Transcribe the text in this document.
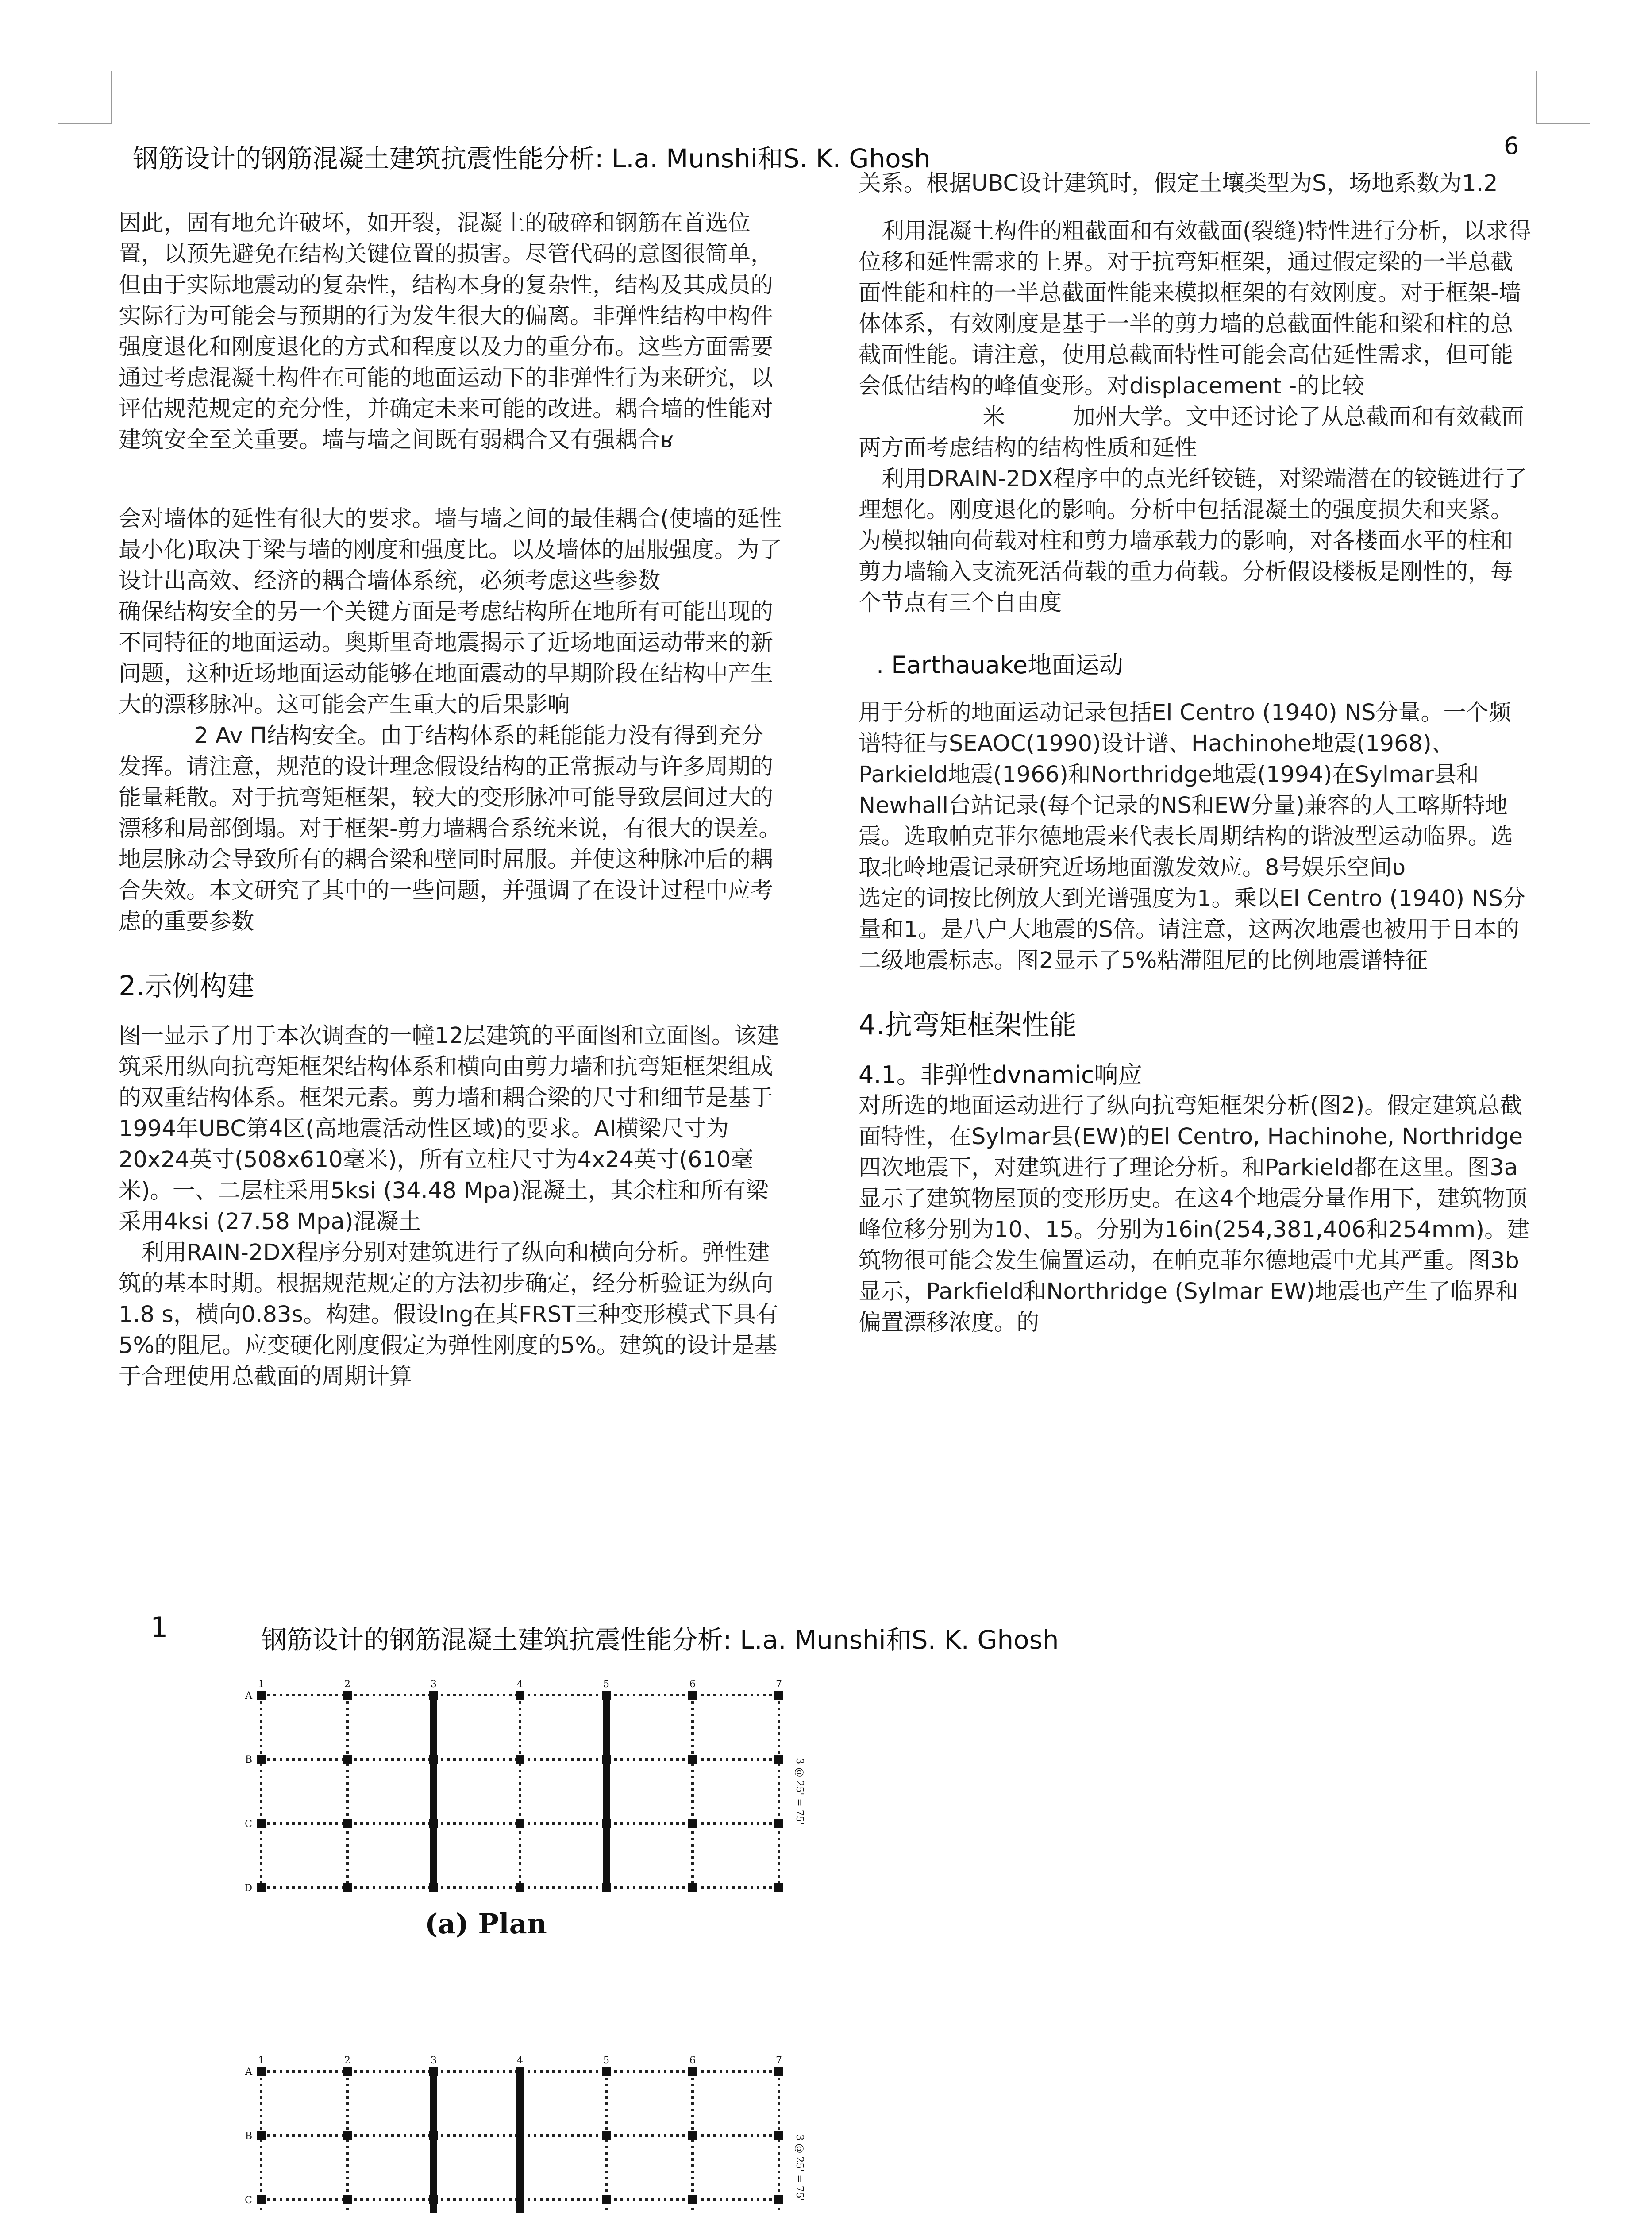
钢筋设计的钢筋混凝土建筑抗震性能分析: L.a. Munshi和S. K. Ghosh	6

因此，固有地允许破坏，如开裂，混凝土的破碎和钢筋在首选位置，以预先避免在结构关键位置的损害。尽管代码的意图很简单，但由于实际地震动的复杂性，结构本身的复杂性，结构及其成员的实际行为可能会与预期的行为发生很大的偏离。非弹性结构中构件强度退化和刚度退化的方式和程度以及力的重分布。这些方面需要通过考虑混凝土构件在可能的地面运动下的非弹性行为来研究，以评估规范规定的充分性，并确定未来可能的改进。耦合墙的性能对建筑安全至关重要。墙与墙之间既有弱耦合又有强耦合ʁ

会对墙体的延性有很大的要求。墙与墙之间的最佳耦合(使墙的延性最小化)取决于梁与墙的刚度和强度比。以及墙体的屈服强度。为了设计出高效、经济的耦合墙体系统，必须考虑这些参数

确保结构安全的另一个关键方面是考虑结构所在地所有可能出现的不同特征的地面运动。奥斯里奇地震揭示了近场地面运动带来的新问题，这种近场地面运动能够在地面震动的早期阶段在结构中产生大的漂移脉冲。这可能会产生重大的后果影响

2 Av Π结构安全。由于结构体系的耗能能力没有得到充分发挥。请注意，规范的设计理念假设结构的正常振动与许多周期的能量耗散。对于抗弯矩框架，较大的变形脉冲可能导致层间过大的漂移和局部倒塌。对于框架-剪力墙耦合系统来说，有很大的误差。地层脉动会导致所有的耦合梁和壁同时屈服。并使这种脉冲后的耦合失效。本文研究了其中的一些问题，并强调了在设计过程中应考虑的重要参数

2.示例构建

图一显示了用于本次调查的一幢12层建筑的平面图和立面图。该建筑采用纵向抗弯矩框架结构体系和横向由剪力墙和抗弯矩框架组成的双重结构体系。框架元素。剪力墙和耦合梁的尺寸和细节是基于1994年UBC第4区(高地震活动性区域)的要求。AI横梁尺寸为20x24英寸(508x610毫米)，所有立柱尺寸为4x24英寸(610毫米)。一、二层柱采用5ksi (34.48 Mpa)混凝土，其余柱和所有梁采用4ksi (27.58 Mpa)混凝土

利用RAIN-2DX程序分别对建筑进行了纵向和横向分析。弹性建筑的基本时期。根据规范规定的方法初步确定，经分析验证为纵向1.8 s，横向0.83s。构建。假设lng在其FRST三种变形模式下具有5%的阻尼。应变硬化刚度假定为弹性刚度的5%。建筑的设计是基于合理使用总截面的周期计算

关系。根据UBC设计建筑时，假定土壤类型为S，场地系数为1.2

利用混凝土构件的粗截面和有效截面(裂缝)特性进行分析，以求得位移和延性需求的上界。对于抗弯矩框架，通过假定梁的一半总截面性能和柱的一半总截面性能来模拟框架的有效刚度。对于框架-墙体体系，有效刚度是基于一半的剪力墙的总截面性能和梁和柱的总截面性能。请注意，使用总截面特性可能会高估延性需求，但可能会低估结构的峰值变形。对displacement -的比较

米　　　加州大学。文中还讨论了从总截面和有效截面两方面考虑结构的结构性质和延性

利用DRAIN-2DX程序中的点光纤铰链，对梁端潜在的铰链进行了理想化。刚度退化的影响。分析中包括混凝土的强度损失和夹紧。为模拟轴向荷载对柱和剪力墙承载力的影响，对各楼面水平的柱和剪力墙输入支流死活荷载的重力荷载。分析假设楼板是刚性的，每个节点有三个自由度

. Earthauake地面运动

用于分析的地面运动记录包括El Centro (1940) NS分量。一个频谱特征与SEAOC(1990)设计谱、Hachinohe地震(1968)、Parkield地震(1966)和Northridge地震(1994)在Sylmar县和Newhall台站记录(每个记录的NS和EW分量)兼容的人工喀斯特地震。选取帕克菲尔德地震来代表长周期结构的谐波型运动临界。选取北岭地震记录研究近场地面激发效应。8号娱乐空间ʋ

选定的词按比例放大到光谱强度为1。乘以El Centro (1940) NS分量和1。是八户大地震的S倍。请注意，这两次地震也被用于日本的二级地震标志。图2显示了5%粘滞阻尼的比例地震谱特征

4.抗弯矩框架性能
4.1。非弹性dvnamic响应

对所选的地面运动进行了纵向抗弯矩框架分析(图2)。假定建筑总截面特性，在Sylmar县(EW)的El Centro, Hachinohe, Northridge四次地震下，对建筑进行了理论分析。和Parkield都在这里。图3a显示了建筑物屋顶的变形历史。在这4个地震分量作用下，建筑物顶峰位移分别为10、15。分别为16in(254,381,406和254mm)。建筑物很可能会发生偏置运动，在帕克菲尔德地震中尤其严重。图3b显示，Parkfield和Northridge (Sylmar EW)地震也产生了临界和偏置漂移浓度。的

1	钢筋设计的钢筋混凝土建筑抗震性能分析: L.a. Munshi和S. K. Ghosh
1	2	3	4	5	6	7
A
B
C
D
3 @ 25' = 75'
(a) Plan
1	2	3	4	5	6	7
A
B
C	3 @ 25' = 75'
